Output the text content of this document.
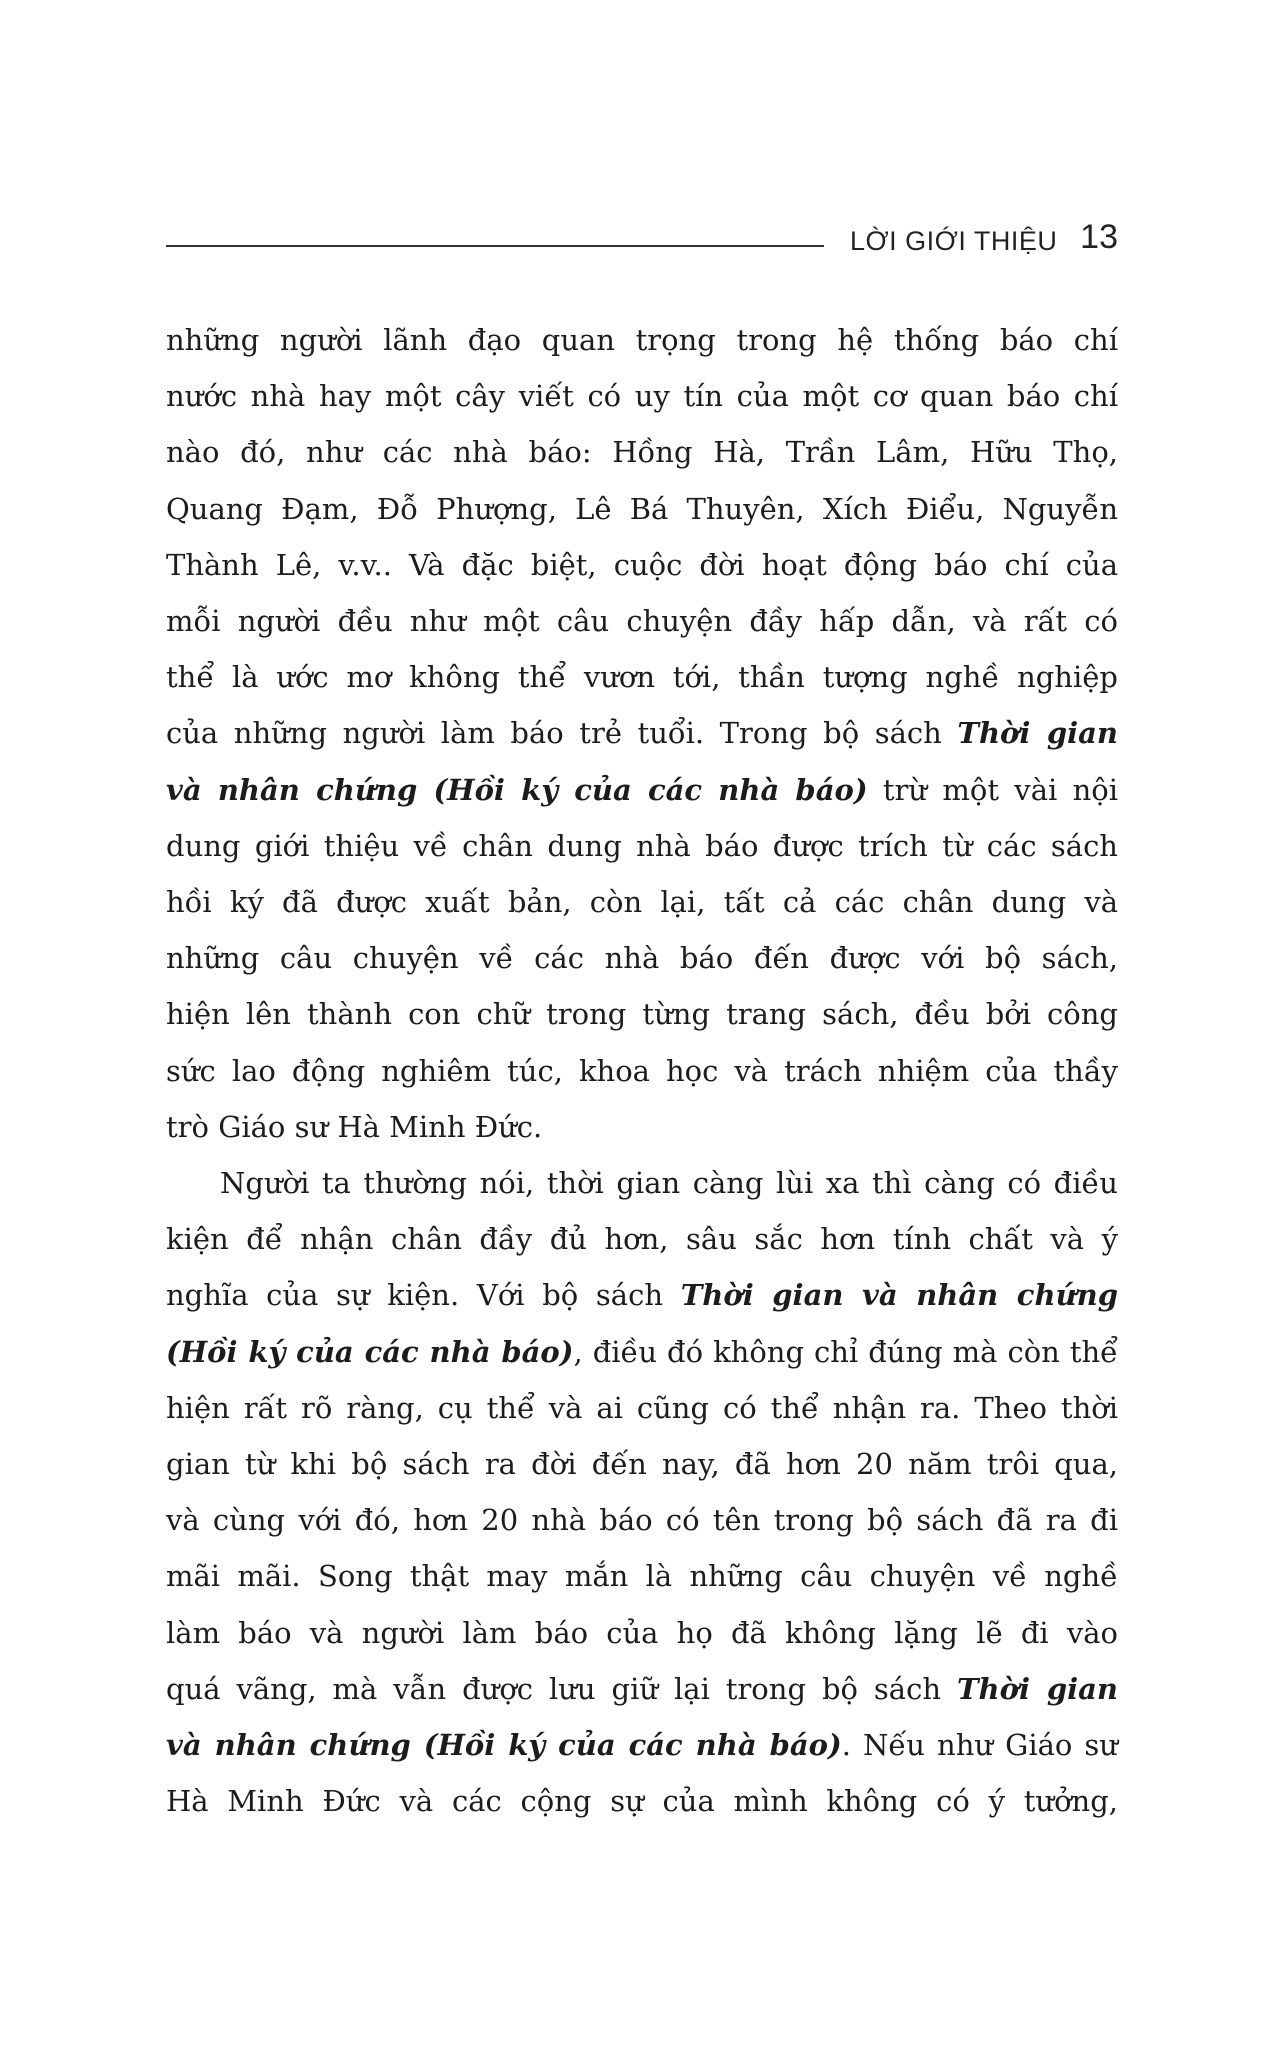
LỜI GIỚI THIỆU 13
những người lãnh đạo quan trọng trong hệ thống báo chí
nước nhà hay một cây viết có uy tín của một cơ quan báo chí
nào đó, như các nhà báo: Hồng Hà, Trần Lâm, Hữu Thọ,
Quang Đạm, Đỗ Phượng, Lê Bá Thuyên, Xích Điểu, Nguyễn
Thành Lê, v.v.. Và đặc biệt, cuộc đời hoạt động báo chí của
mỗi người đều như một câu chuyện đầy hấp dẫn, và rất có
thể là ước mơ không thể vươn tới, thần tượng nghề nghiệp
của những người làm báo trẻ tuổi. Trong bộ sách Thời gian
và nhân chứng (Hồi ký của các nhà báo) trừ một vài nội
dung giới thiệu về chân dung nhà báo được trích từ các sách
hồi ký đã được xuất bản, còn lại, tất cả các chân dung và
những câu chuyện về các nhà báo đến được với bộ sách,
hiện lên thành con chữ trong từng trang sách, đều bởi công
sức lao động nghiêm túc, khoa học và trách nhiệm của thầy
trò Giáo sư Hà Minh Đức.
Người ta thường nói, thời gian càng lùi xa thì càng có điều
kiện để nhận chân đầy đủ hơn, sâu sắc hơn tính chất và ý
nghĩa của sự kiện. Với bộ sách Thời gian và nhân chứng
(Hồi ký của các nhà báo), điều đó không chỉ đúng mà còn thể
hiện rất rõ ràng, cụ thể và ai cũng có thể nhận ra. Theo thời
gian từ khi bộ sách ra đời đến nay, đã hơn 20 năm trôi qua,
và cùng với đó, hơn 20 nhà báo có tên trong bộ sách đã ra đi
mãi mãi. Song thật may mắn là những câu chuyện về nghề
làm báo và người làm báo của họ đã không lặng lẽ đi vào
quá vãng, mà vẫn được lưu giữ lại trong bộ sách Thời gian
và nhân chứng (Hồi ký của các nhà báo). Nếu như Giáo sư
Hà Minh Đức và các cộng sự của mình không có ý tưởng,
